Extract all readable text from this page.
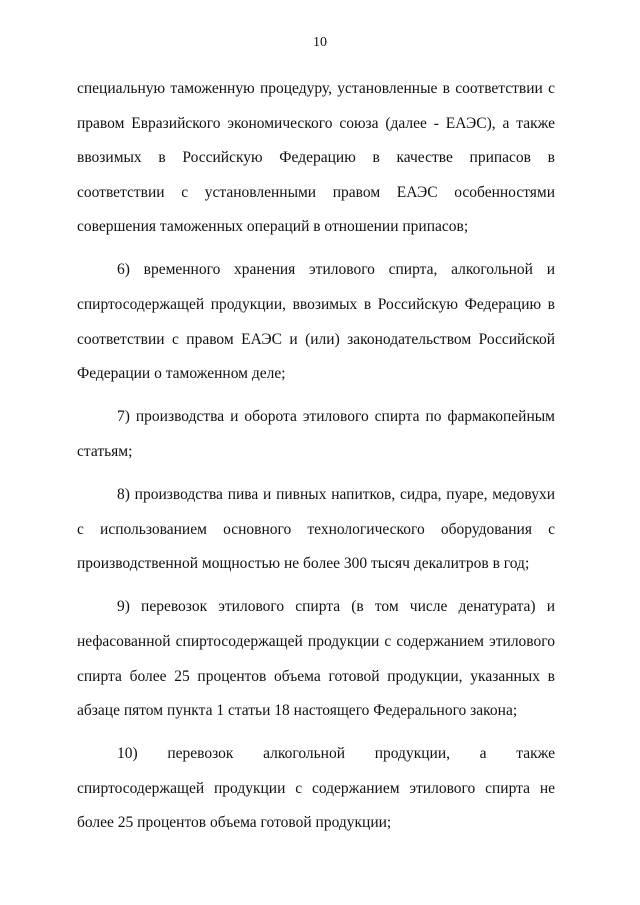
10

специальную таможенную процедуру, установленные в соответствии с правом Евразийского экономического союза (далее - ЕАЭС), а также ввозимых в Российскую Федерацию в качестве припасов в соответствии с установленными правом ЕАЭС особенностями совершения таможенных операций в отношении припасов;

6) временного хранения этилового спирта, алкогольной и спиртосодержащей продукции, ввозимых в Российскую Федерацию в соответствии с правом ЕАЭС и (или) законодательством Российской Федерации о таможенном деле;

7) производства и оборота этилового спирта по фармакопейным статьям;

8) производства пива и пивных напитков, сидра, пуаре, медовухи с использованием основного технологического оборудования с производственной мощностью не более 300 тысяч декалитров в год;

9) перевозок этилового спирта (в том числе денатурата) и нефасованной спиртосодержащей продукции с содержанием этилового спирта более 25 процентов объема готовой продукции, указанных в абзаце пятом пункта 1 статьи 18 настоящего Федерального закона;

10) перевозок алкогольной продукции, а также спиртосодержащей продукции с содержанием этилового спирта не более 25 процентов объема готовой продукции;
